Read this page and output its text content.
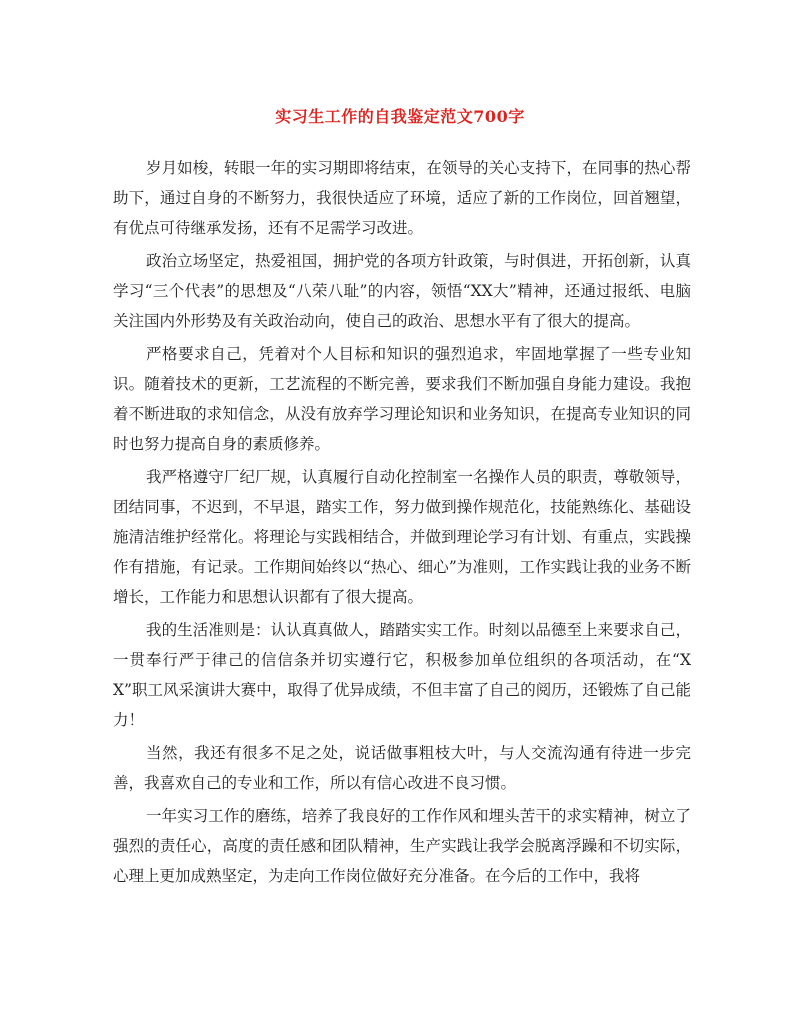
实习生工作的自我鉴定范文700字

岁月如梭，转眼一年的实习期即将结束，在领导的关心支持下，在同事的热心帮助下，通过自身的不断努力，我很快适应了环境，适应了新的工作岗位，回首翘望，有优点可待继承发扬，还有不足需学习改进。

政治立场坚定，热爱祖国，拥护党的各项方针政策，与时俱进，开拓创新，认真学习“三个代表”的思想及“八荣八耻”的内容，领悟“XX大”精神，还通过报纸、电脑关注国内外形势及有关政治动向，使自己的政治、思想水平有了很大的提高。

严格要求自己，凭着对个人目标和知识的强烈追求，牢固地掌握了一些专业知识。随着技术的更新，工艺流程的不断完善，要求我们不断加强自身能力建设。我抱着不断进取的求知信念，从没有放弃学习理论知识和业务知识，在提高专业知识的同时也努力提高自身的素质修养。

我严格遵守厂纪厂规，认真履行自动化控制室一名操作人员的职责，尊敬领导，团结同事，不迟到，不早退，踏实工作，努力做到操作规范化，技能熟练化、基础设施清洁维护经常化。将理论与实践相结合，并做到理论学习有计划、有重点，实践操作有措施，有记录。工作期间始终以“热心、细心”为准则，工作实践让我的业务不断增长，工作能力和思想认识都有了很大提高。

我的生活准则是：认认真真做人，踏踏实实工作。时刻以品德至上来要求自己，一贯奉行严于律己的信信条并切实遵行它，积极参加单位组织的各项活动，在“XX”职工风采演讲大赛中，取得了优异成绩，不但丰富了自己的阅历，还锻炼了自己能力！

当然，我还有很多不足之处，说话做事粗枝大叶，与人交流沟通有待进一步完善，我喜欢自己的专业和工作，所以有信心改进不良习惯。

一年实习工作的磨练，培养了我良好的工作作风和埋头苦干的求实精神，树立了强烈的责任心，高度的责任感和团队精神，生产实践让我学会脱离浮躁和不切实际，心理上更加成熟坚定，为走向工作岗位做好充分准备。在今后的工作中，我将
